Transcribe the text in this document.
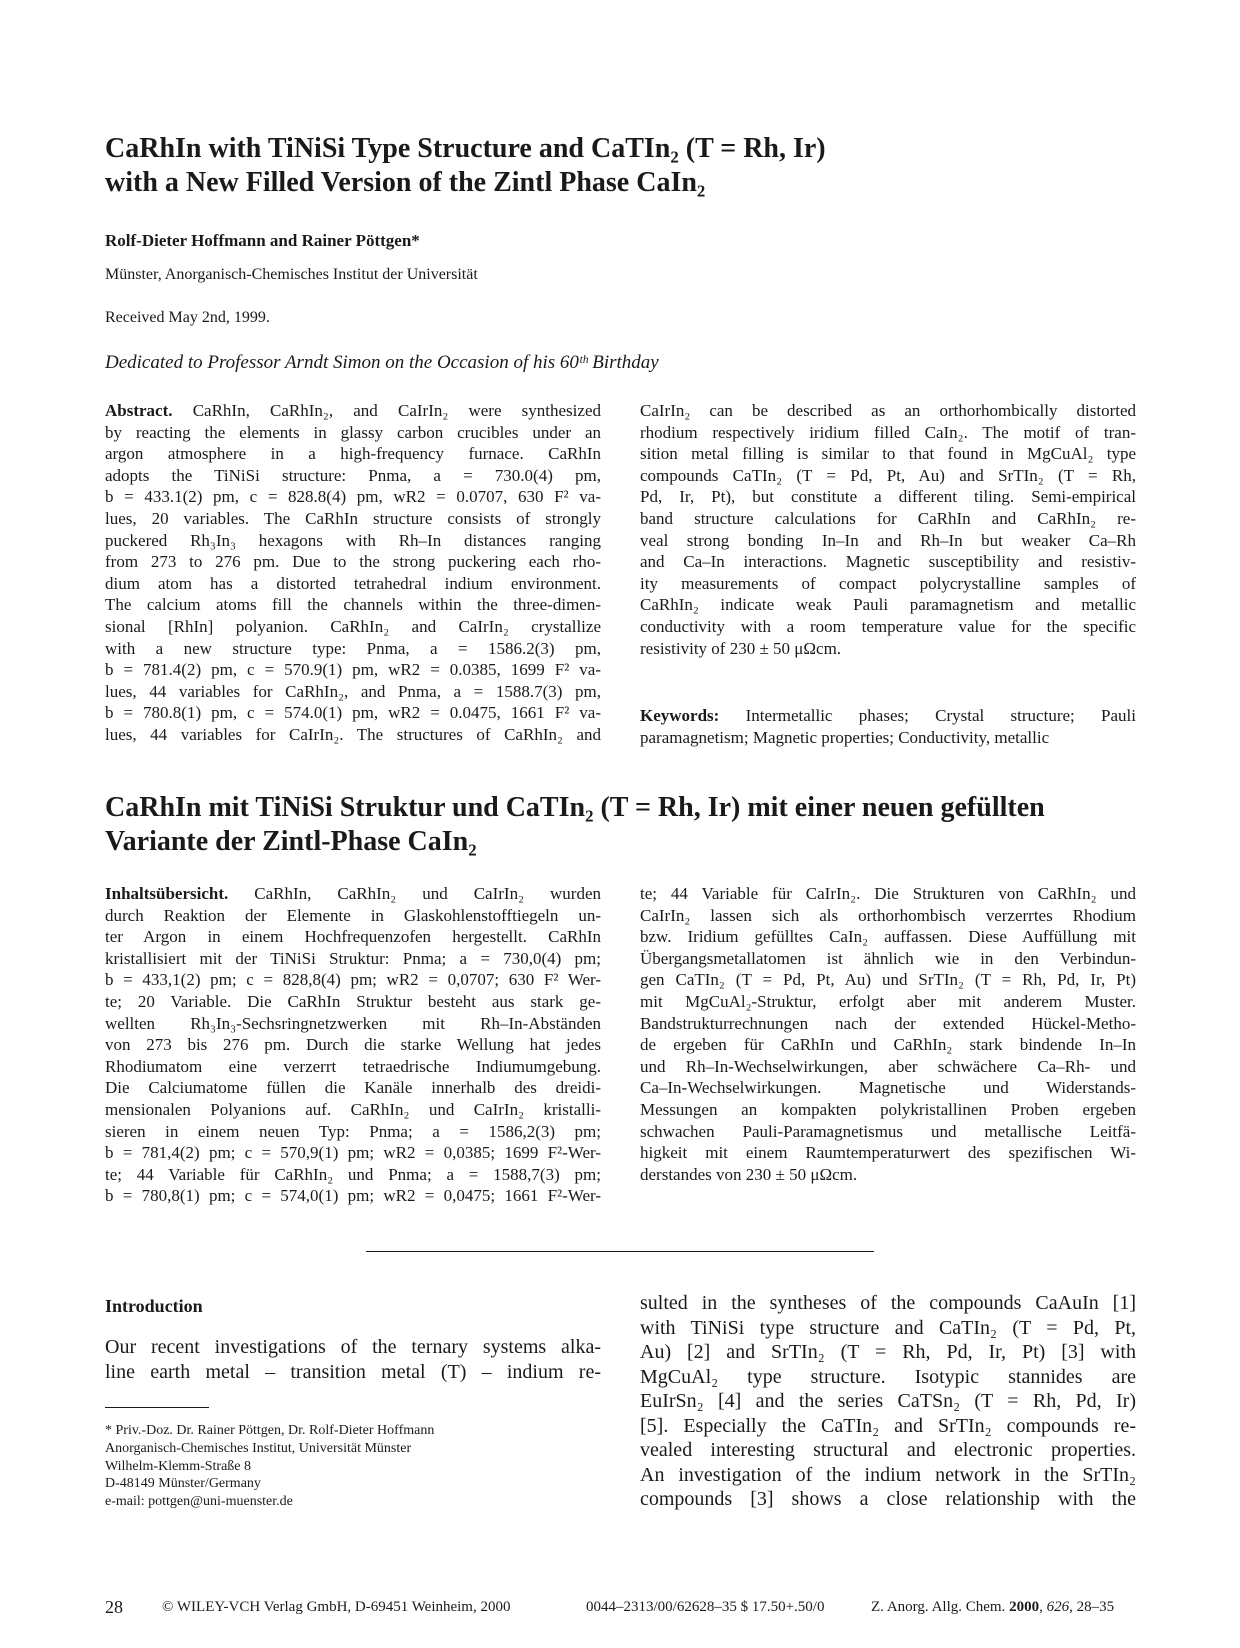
CaRhIn with TiNiSi Type Structure and CaTIn₂ (T = Rh, Ir)
with a New Filled Version of the Zintl Phase CaIn₂
Rolf-Dieter Hoffmann and Rainer Pöttgen*
Münster, Anorganisch-Chemisches Institut der Universität
Received May 2nd, 1999.
Dedicated to Professor Arndt Simon on the Occasion of his 60ᵗʰ Birthday
Abstract. CaRhIn, CaRhIn₂, and CaIrIn₂ were synthesized
by reacting the elements in glassy carbon crucibles under an
argon atmosphere in a high-frequency furnace. CaRhIn
adopts the TiNiSi structure: Pnma, a = 730.0(4) pm,
b = 433.1(2) pm, c = 828.8(4) pm, wR2 = 0.0707, 630 F² va-
lues, 20 variables. The CaRhIn structure consists of strongly
puckered Rh₃In₃ hexagons with Rh–In distances ranging
from 273 to 276 pm. Due to the strong puckering each rho-
dium atom has a distorted tetrahedral indium environment.
The calcium atoms fill the channels within the three-dimen-
sional [RhIn] polyanion. CaRhIn₂ and CaIrIn₂ crystallize
with a new structure type: Pnma, a = 1586.2(3) pm,
b = 781.4(2) pm, c = 570.9(1) pm, wR2 = 0.0385, 1699 F² va-
lues, 44 variables for CaRhIn₂, and Pnma, a = 1588.7(3) pm,
b = 780.8(1) pm, c = 574.0(1) pm, wR2 = 0.0475, 1661 F² va-
lues, 44 variables for CaIrIn₂. The structures of CaRhIn₂ and
CaIrIn₂ can be described as an orthorhombically distorted
rhodium respectively iridium filled CaIn₂. The motif of tran-
sition metal filling is similar to that found in MgCuAl₂ type
compounds CaTIn₂ (T = Pd, Pt, Au) and SrTIn₂ (T = Rh,
Pd, Ir, Pt), but constitute a different tiling. Semi-empirical
band structure calculations for CaRhIn and CaRhIn₂ re-
veal strong bonding In–In and Rh–In but weaker Ca–Rh
and Ca–In interactions. Magnetic susceptibility and resistiv-
ity measurements of compact polycrystalline samples of
CaRhIn₂ indicate weak Pauli paramagnetism and metallic
conductivity with a room temperature value for the specific
resistivity of 230 ± 50 μΩcm.
Keywords: Intermetallic phases; Crystal structure; Pauli
paramagnetism; Magnetic properties; Conductivity, metallic
CaRhIn mit TiNiSi Struktur und CaTIn₂ (T = Rh, Ir) mit einer neuen gefüllten
Variante der Zintl-Phase CaIn₂
Inhaltsübersicht. CaRhIn, CaRhIn₂ und CaIrIn₂ wurden
durch Reaktion der Elemente in Glaskohlenstofftiegeln un-
ter Argon in einem Hochfrequenzofen hergestellt. CaRhIn
kristallisiert mit der TiNiSi Struktur: Pnma; a = 730,0(4) pm;
b = 433,1(2) pm; c = 828,8(4) pm; wR2 = 0,0707; 630 F² Wer-
te; 20 Variable. Die CaRhIn Struktur besteht aus stark ge-
wellten Rh₃In₃-Sechsringnetzwerken mit Rh–In-Abständen
von 273 bis 276 pm. Durch die starke Wellung hat jedes
Rhodiumatom eine verzerrt tetraedrische Indiumumgebung.
Die Calciumatome füllen die Kanäle innerhalb des dreidi-
mensionalen Polyanions auf. CaRhIn₂ und CaIrIn₂ kristalli-
sieren in einem neuen Typ: Pnma; a = 1586,2(3) pm;
b = 781,4(2) pm; c = 570,9(1) pm; wR2 = 0,0385; 1699 F²-Wer-
te; 44 Variable für CaRhIn₂ und Pnma; a = 1588,7(3) pm;
b = 780,8(1) pm; c = 574,0(1) pm; wR2 = 0,0475; 1661 F²-Wer-
te; 44 Variable für CaIrIn₂. Die Strukturen von CaRhIn₂ und
CaIrIn₂ lassen sich als orthorhombisch verzerrtes Rhodium
bzw. Iridium gefülltes CaIn₂ auffassen. Diese Auffüllung mit
Übergangsmetallatomen ist ähnlich wie in den Verbindun-
gen CaTIn₂ (T = Pd, Pt, Au) und SrTIn₂ (T = Rh, Pd, Ir, Pt)
mit MgCuAl₂-Struktur, erfolgt aber mit anderem Muster.
Bandstrukturrechnungen nach der extended Hückel-Metho-
de ergeben für CaRhIn und CaRhIn₂ stark bindende In–In
und Rh–In-Wechselwirkungen, aber schwächere Ca–Rh- und
Ca–In-Wechselwirkungen. Magnetische und Widerstands-
Messungen an kompakten polykristallinen Proben ergeben
schwachen Pauli-Paramagnetismus und metallische Leitfä-
higkeit mit einem Raumtemperaturwert des spezifischen Wi-
derstandes von 230 ± 50 μΩcm.
Introduction
Our recent investigations of the ternary systems alka-
line earth metal – transition metal (T) – indium re-
sulted in the syntheses of the compounds CaAuIn [1]
with TiNiSi type structure and CaTIn₂ (T = Pd, Pt,
Au) [2] and SrTIn₂ (T = Rh, Pd, Ir, Pt) [3] with
MgCuAl₂ type structure. Isotypic stannides are
EuIrSn₂ [4] and the series CaTSn₂ (T = Rh, Pd, Ir)
[5]. Especially the CaTIn₂ and SrTIn₂ compounds re-
vealed interesting structural and electronic properties.
An investigation of the indium network in the SrTIn₂
compounds [3] shows a close relationship with the
* Priv.-Doz. Dr. Rainer Pöttgen, Dr. Rolf-Dieter Hoffmann
Anorganisch-Chemisches Institut, Universität Münster
Wilhelm-Klemm-Straße 8
D-48149 Münster/Germany
e-mail: pottgen@uni-muenster.de
28	© WILEY-VCH Verlag GmbH, D-69451 Weinheim, 2000	0044–2313/00/62628–35 $ 17.50+.50/0	Z. Anorg. Allg. Chem. 2000, 626, 28–35
